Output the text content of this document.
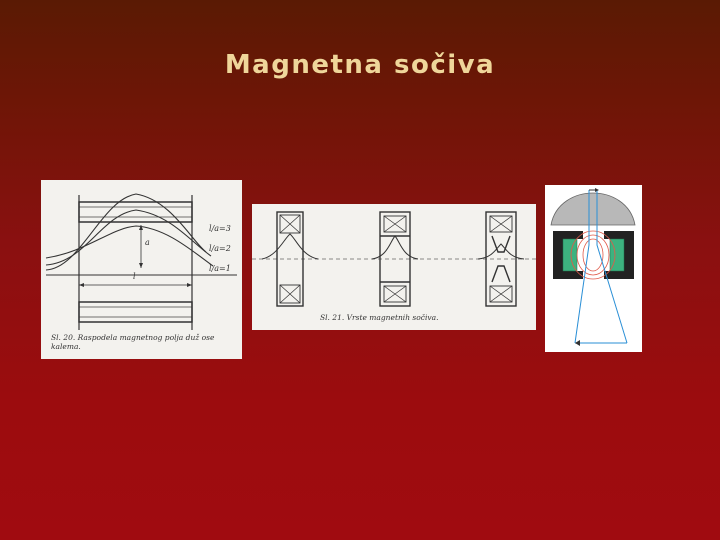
Magnetna sočiva
a
l
l/a=3
l/a=2
l/a=1
Sl. 20. Raspodela magnetnog polja duž ose kalema.
Sl. 21. Vrste magnetnih sočiva.
